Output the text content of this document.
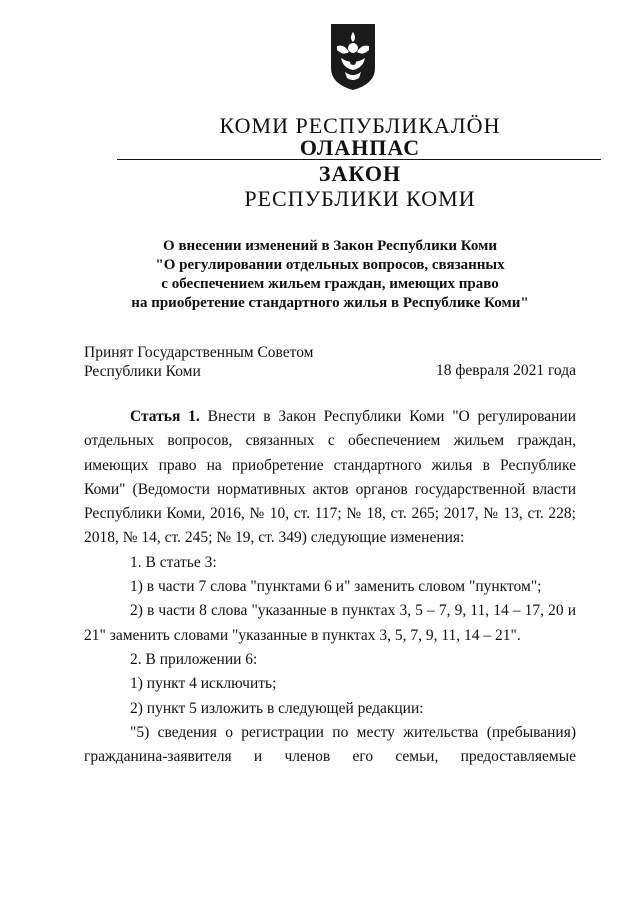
КОМИ РЕСПУБЛИКАЛÖН
ОЛАНПАС
ЗАКОН
РЕСПУБЛИКИ КОМИ
О внесении изменений в Закон Республики Коми
"О регулировании отдельных вопросов, связанных
с обеспечением жильем граждан, имеющих право
на приобретение стандартного жилья в Республике Коми"
Принят Государственным Советом
Республики Коми	18 февраля 2021 года

Статья 1. Внести в Закон Республики Коми "О регулировании отдельных вопросов, связанных с обеспечением жильем граждан, имеющих право на приобретение стандартного жилья в Республике Коми" (Ведомости нормативных актов органов государственной власти Республики Коми, 2016, № 10, ст. 117; № 18, ст. 265; 2017, № 13, ст. 228; 2018, № 14, ст. 245; № 19, ст. 349) следующие изменения:

1. В статье 3:

1) в части 7 слова "пунктами 6 и" заменить словом "пунктом";

2) в части 8 слова "указанные в пунктах 3, 5 – 7, 9, 11, 14 – 17, 20 и 21" заменить словами "указанные в пунктах 3, 5, 7, 9, 11, 14 – 21".

2. В приложении 6:

1) пункт 4 исключить;

2) пункт 5 изложить в следующей редакции:

"5) сведения о регистрации по месту жительства (пребывания) гражданина-заявителя и членов его семьи, предоставляемые
